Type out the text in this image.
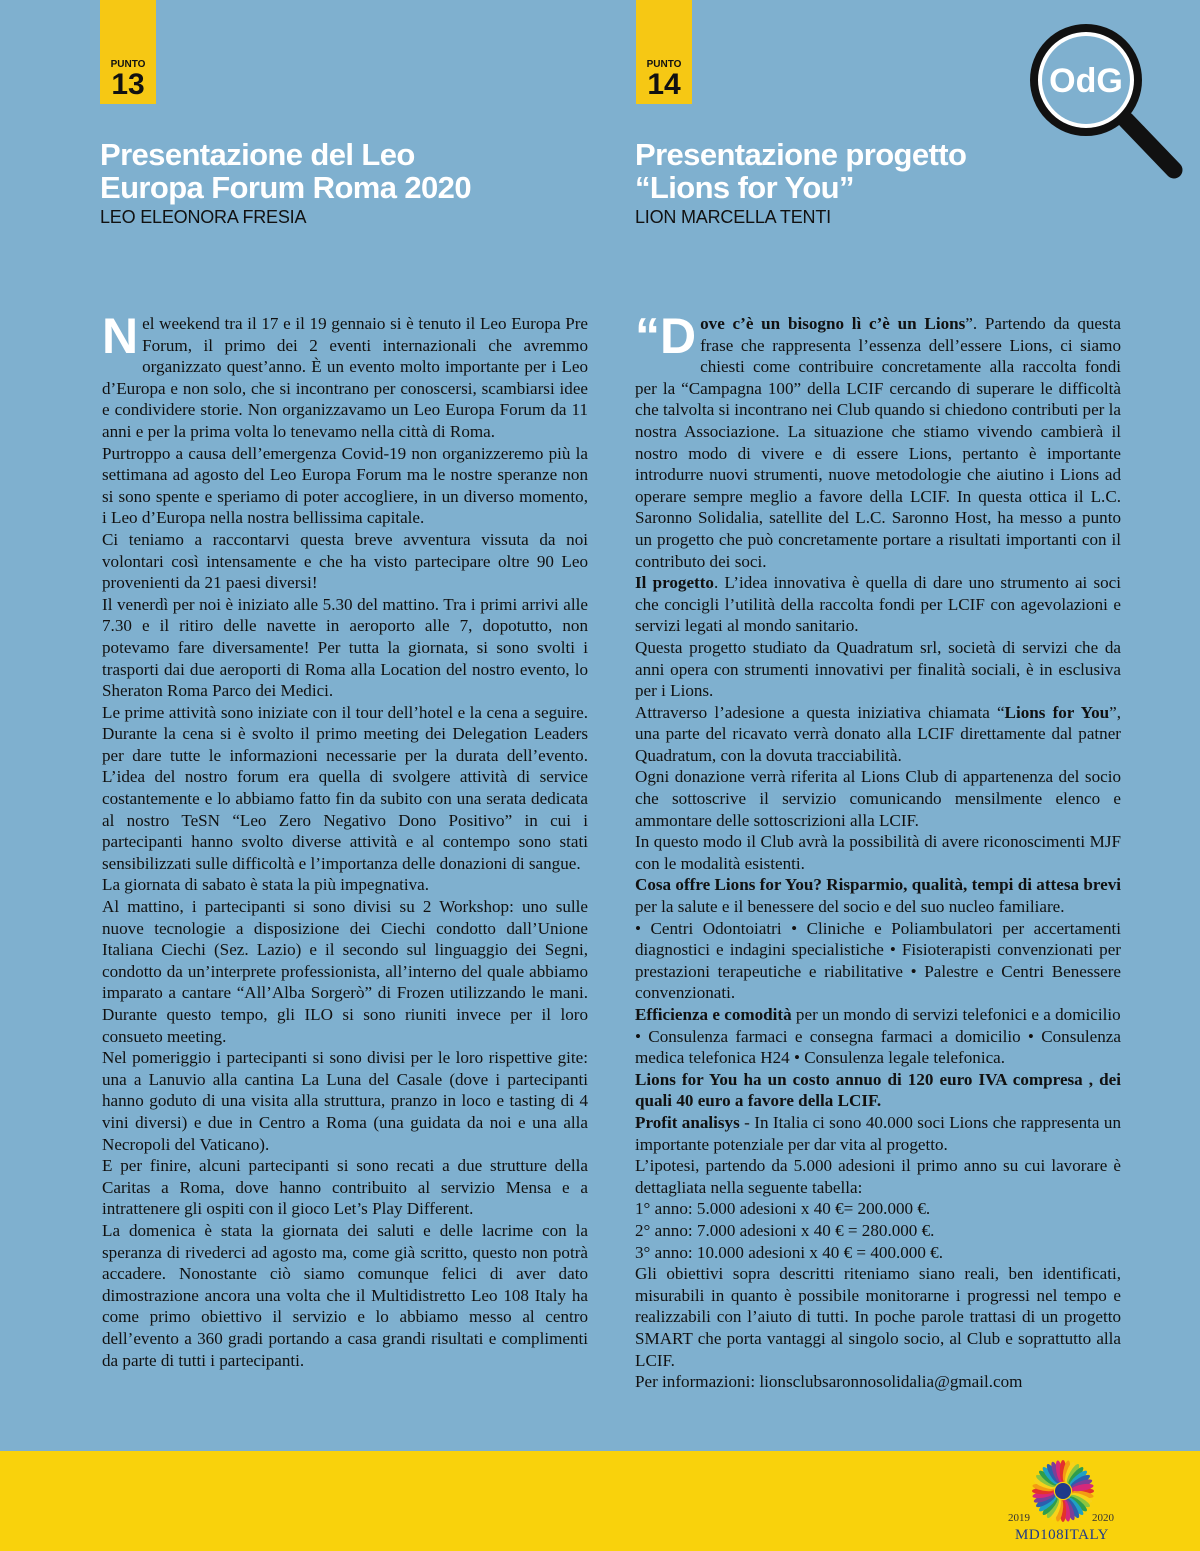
PUNTO
13
Presentazione del Leo
Europa Forum Roma 2020
LEO ELEONORA FRESIA

Nel weekend tra il 17 e il 19 gennaio si è tenuto il Leo Europa Pre Forum, il primo dei 2 eventi internazionali che avremmo organizzato quest’anno. È un evento molto importante per i Leo d’Europa e non solo, che si incontrano per conoscersi, scambiarsi idee e condividere storie. Non organizzavamo un Leo Europa Forum da 11 anni e per la prima volta lo tenevamo nella città di Roma.

Purtroppo a causa dell’emergenza Covid-19 non organizzeremo più la settimana ad agosto del Leo Europa Forum ma le nostre speranze non si sono spente e speriamo di poter accogliere, in un diverso momento, i Leo d’Europa nella nostra bellissima capitale.

Ci teniamo a raccontarvi questa breve avventura vissuta da noi volontari così intensamente e che ha visto partecipare oltre 90 Leo provenienti da 21 paesi diversi!

Il venerdì per noi è iniziato alle 5.30 del mattino. Tra i primi arrivi alle 7.30 e il ritiro delle navette in aeroporto alle 7, dopotutto, non potevamo fare diversamente! Per tutta la giornata, si sono svolti i trasporti dai due aeroporti di Roma alla Location del nostro evento, lo Sheraton Roma Parco dei Medici.

Le prime attività sono iniziate con il tour dell’hotel e la cena a seguire. Durante la cena si è svolto il primo meeting dei Delegation Leaders per dare tutte le informazioni necessarie per la durata dell’evento. L’idea del nostro forum era quella di svolgere attività di service costantemente e lo abbiamo fatto fin da subito con una serata dedicata al nostro TeSN “Leo Zero Negativo Dono Positivo” in cui i partecipanti hanno svolto diverse attività e al contempo sono stati sensibilizzati sulle difficoltà e l’importanza delle donazioni di sangue.

La giornata di sabato è stata la più impegnativa.

Al mattino, i partecipanti si sono divisi su 2 Workshop: uno sulle nuove tecnologie a disposizione dei Ciechi condotto dall’Unione Italiana Ciechi (Sez. Lazio) e il secondo sul linguaggio dei Segni, condotto da un’interprete professionista, all’interno del quale abbiamo imparato a cantare “All’Alba Sorgerò” di Frozen utilizzando le mani. Durante questo tempo, gli ILO si sono riuniti invece per il loro consueto meeting.

Nel pomeriggio i partecipanti si sono divisi per le loro rispettive gite: una a Lanuvio alla cantina La Luna del Casale (dove i partecipanti hanno goduto di una visita alla struttura, pranzo in loco e tasting di 4 vini diversi) e due in Centro a Roma (una guidata da noi e una alla Necropoli del Vaticano).

E per finire, alcuni partecipanti si sono recati a due strutture della Caritas a Roma, dove hanno contribuito al servizio Mensa e a intrattenere gli ospiti con il gioco Let’s Play Different.

La domenica è stata la giornata dei saluti e delle lacrime con la speranza di rivederci ad agosto ma, come già scritto, questo non potrà accadere. Nonostante ciò siamo comunque felici di aver dato dimostrazione ancora una volta che il Multidistretto Leo 108 Italy ha come primo obiettivo il servizio e lo abbiamo messo al centro dell’evento a 360 gradi portando a casa grandi risultati e complimenti da parte di tutti i partecipanti.

PUNTO
14
Presentazione progetto
“Lions for You”
LION MARCELLA TENTI
OdG

“Dove c’è un bisogno lì c’è un Lions”. Partendo da questa frase che rappresenta l’essenza dell’essere Lions, ci siamo chiesti come contribuire concretamente alla raccolta fondi per la “Campagna 100” della LCIF cercando di superare le difficoltà che talvolta si incontrano nei Club quando si chiedono contributi per la nostra Associazione. La situazione che stiamo vivendo cambierà il nostro modo di vivere e di essere Lions, pertanto è importante introdurre nuovi strumenti, nuove metodologie che aiutino i Lions ad operare sempre meglio a favore della LCIF. In questa ottica il L.C. Saronno Solidalia, satellite del L.C. Saronno Host, ha messo a punto un progetto che può concretamente portare a risultati importanti con il contributo dei soci.

Il progetto. L’idea innovativa è quella di dare uno strumento ai soci che concigli l’utilità della raccolta fondi per LCIF con agevolazioni e servizi legati al mondo sanitario.

Questa progetto studiato da Quadratum srl, società di servizi che da anni opera con strumenti innovativi per finalità sociali, è in esclusiva per i Lions.

Attraverso l’adesione a questa iniziativa chiamata “Lions for You”, una parte del ricavato verrà donato alla LCIF direttamente dal patner Quadratum, con la dovuta tracciabilità.

Ogni donazione verrà riferita al Lions Club di appartenenza del socio che sottoscrive il servizio comunicando mensilmente elenco e ammontare delle sottoscrizioni alla LCIF.

In questo modo il Club avrà la possibilità di avere riconoscimenti MJF con le modalità esistenti.

Cosa offre Lions for You? Risparmio, qualità, tempi di attesa brevi per la salute e il benessere del socio e del suo nucleo familiare.

• Centri Odontoiatri • Cliniche e Poliambulatori per accertamenti diagnostici e indagini specialistiche • Fisioterapisti convenzionati per prestazioni terapeutiche e riabilitative • Palestre e Centri Benessere convenzionati.

Efficienza e comodità per un mondo di servizi telefonici e a domicilio

• Consulenza farmaci e consegna farmaci a domicilio • Consulenza medica telefonica H24 • Consulenza legale telefonica.

Lions for You ha un costo annuo di 120 euro IVA compresa , dei quali 40 euro a favore della LCIF.

Profit analisys - In Italia ci sono 40.000 soci Lions che rappresenta un importante potenziale per dar vita al progetto.

L’ipotesi, partendo da 5.000 adesioni il primo anno su cui lavorare è dettagliata nella seguente tabella:

1° anno: 5.000 adesioni x 40 €= 200.000 €.

2° anno: 7.000 adesioni x 40 € = 280.000 €.

3° anno: 10.000 adesioni x 40 € = 400.000 €.

Gli obiettivi sopra descritti riteniamo siano reali, ben identificati, misurabili in quanto è possibile monitorarne i progressi nel tempo e realizzabili con l’aiuto di tutti. In poche parole trattasi di un progetto SMART che porta vantaggi al singolo socio, al Club e soprattutto alla LCIF.

Per informazioni: lionsclubsaronnosolidalia@gmail.com

2019	2020
MD108ITALY
